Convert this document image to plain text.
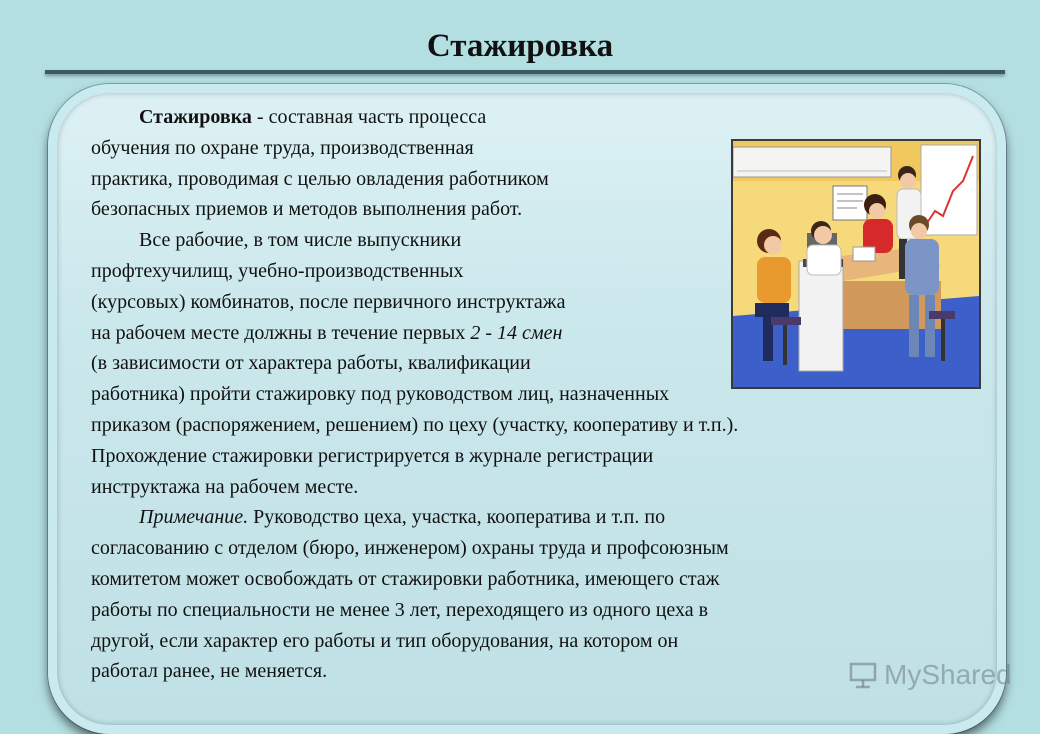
Стажировка
Стажировка - составная часть процесса
обучения по охране труда, производственная
практика, проводимая с целью овладения работником
безопасных приемов и методов выполнения работ.
Все рабочие, в том числе выпускники
профтехучилищ, учебно-производственных
(курсовых) комбинатов, после первичного инструктажа
на рабочем месте должны в течение первых 2 - 14 смен
(в зависимости от характера работы, квалификации
работника) пройти стажировку под руководством лиц, назначенных
приказом (распоряжением, решением) по цеху (участку, кооперативу и т.п.).
Прохождение стажировки регистрируется в журнале регистрации
инструктажа на рабочем месте.
Примечание. Руководство цеха, участка, кооператива и т.п. по
согласованию с отделом (бюро, инженером) охраны труда и профсоюзным
комитетом может освобождать от стажировки работника, имеющего стаж
работы по специальности не менее 3 лет, переходящего из одного цеха в
другой, если характер его работы и тип оборудования, на котором он
работал ранее, не меняется.	MyShared
